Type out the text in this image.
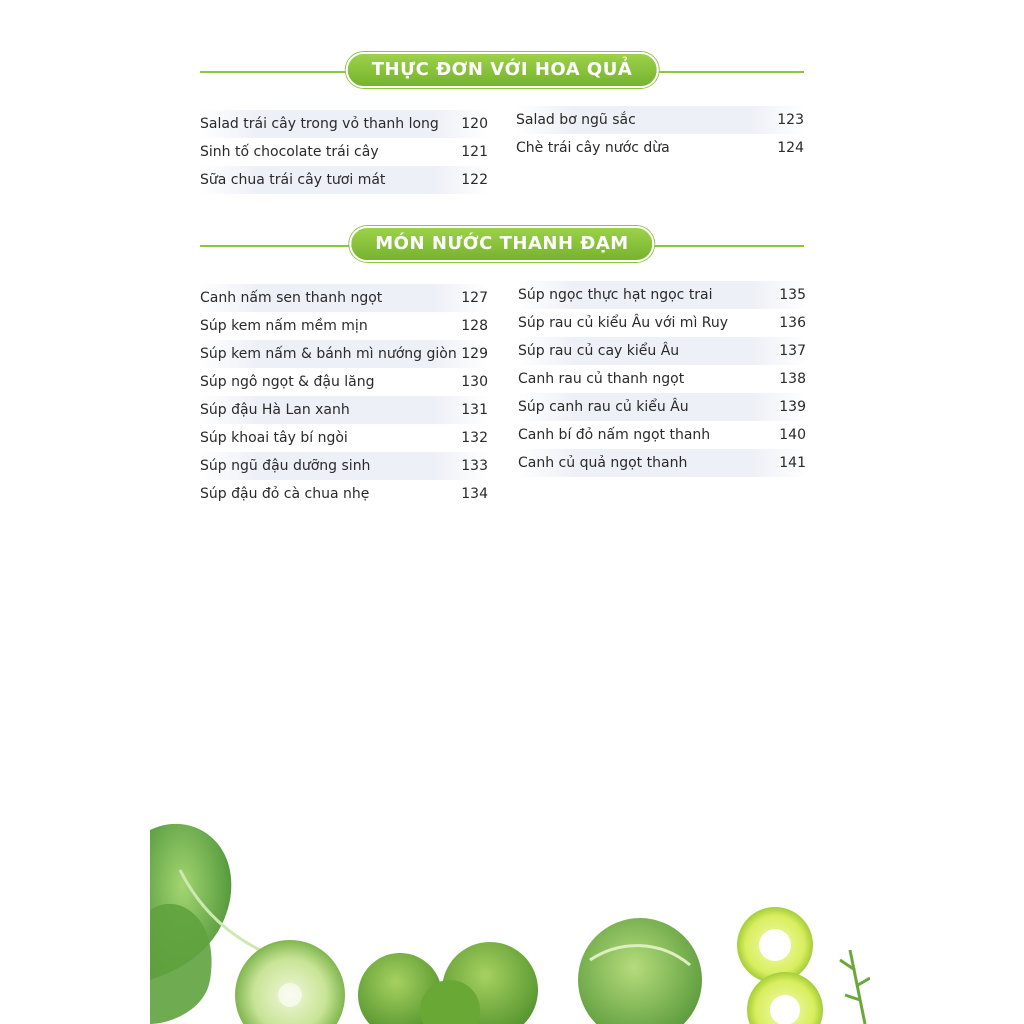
THỰC ĐƠN VỚI HOA QUẢ
Salad trái cây trong vỏ thanh long 120
Sinh tố chocolate trái cây	121
Sữa chua trái cây tươi mát	122
Salad bơ ngũ sắc	123
Chè trái cây nước dừa	124
MÓN NƯỚC THANH ĐẠM
Canh nấm sen thanh ngọt	127
Súp kem nấm mềm mịn	128
Súp kem nấm & bánh mì nướng giòn 129
Súp ngô ngọt & đậu lăng	130
Súp đậu Hà Lan xanh	131
Súp khoai tây bí ngòi	132
Súp ngũ đậu dưỡng sinh	133
Súp đậu đỏ cà chua nhẹ	134
Súp ngọc thực hạt ngọc trai	135
Súp rau củ kiểu Âu với mì Ruy	136
Súp rau củ cay kiểu Âu	137
Canh rau củ thanh ngọt	138
Súp canh rau củ kiểu Âu	139
Canh bí đỏ nấm ngọt thanh	140
Canh củ quả ngọt thanh	141
